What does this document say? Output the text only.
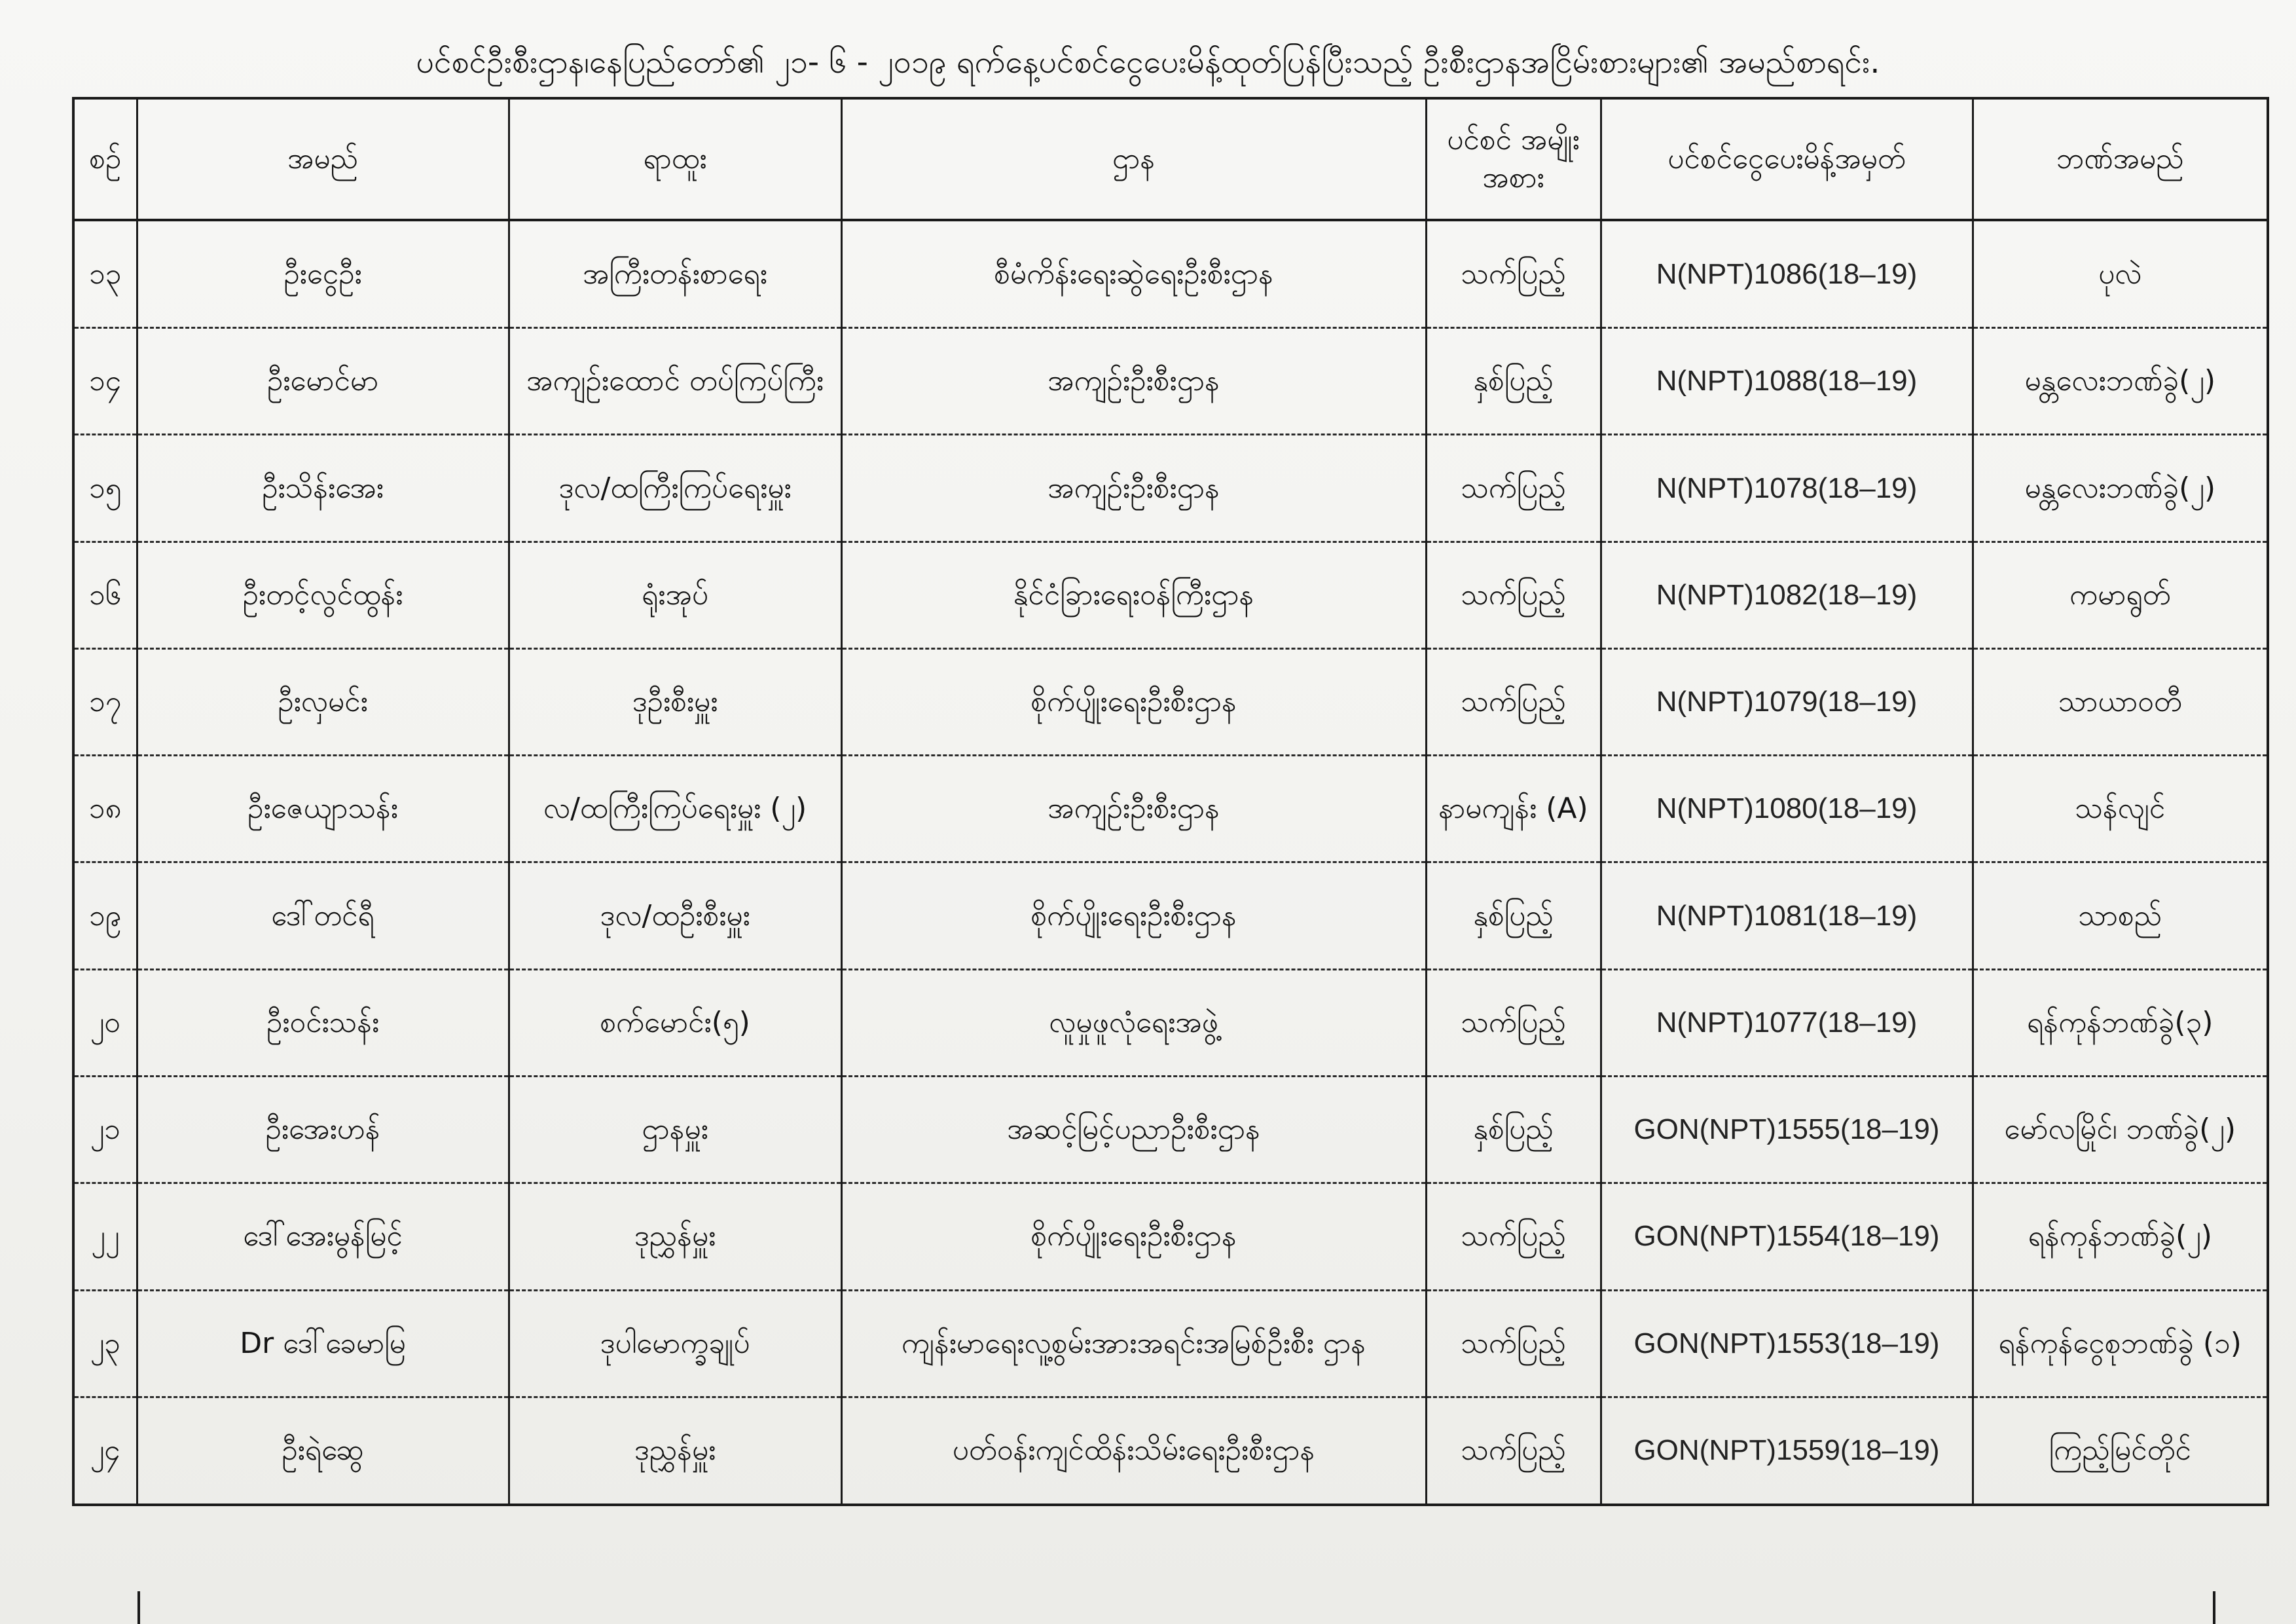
ပင်စင်ဦးစီးဌာန၊နေပြည်တော်၏ ၂၁- ၆ - ၂၀၁၉ ရက်နေ့ပင်စင်ငွေပေးမိန့်ထုတ်ပြန်ပြီးသည့် ဦးစီးဌာနအငြိမ်းစားများ၏ အမည်စာရင်း.
စဉ်	အမည်	ရာထူး	ဌာန	ပင်စင် အမျိုးအစား	ပင်စင်ငွေပေးမိန့်အမှတ်	ဘဏ်အမည်
၁၃	ဦးငွေဦး	အကြီးတန်းစာရေး	စီမံကိန်းရေးဆွဲရေးဦးစီးဌာန	သက်ပြည့်	N(NPT)1086(18–19)	ပုလဲ
၁၄	ဦးမောင်မာ	အကျဉ်းထောင် တပ်ကြပ်ကြီး	အကျဉ်းဦးစီးဌာန	နှစ်ပြည့်	N(NPT)1088(18–19)	မန္တလေးဘဏ်ခွဲ(၂)
၁၅	ဦးသိန်းအေး	ဒုလ/ထကြီးကြပ်ရေးမှူး	အကျဉ်းဦးစီးဌာန	သက်ပြည့်	N(NPT)1078(18–19)	မန္တလေးဘဏ်ခွဲ(၂)
၁၆	ဦးတင့်လွင်ထွန်း	ရုံးအုပ်	နိုင်ငံခြားရေးဝန်ကြီးဌာန	သက်ပြည့်	N(NPT)1082(18–19)	ကမာရွတ်
၁၇	ဦးလှမင်း	ဒုဦးစီးမှူး	စိုက်ပျိုးရေးဦးစီးဌာန	သက်ပြည့်	N(NPT)1079(18–19)	သာယာဝတီ
၁၈	ဦးဇေယျာသန်း	လ/ထကြီးကြပ်ရေးမှူး (၂)	အကျဉ်းဦးစီးဌာန	နာမကျန်း (A)	N(NPT)1080(18–19)	သန်လျင်
၁၉	ဒေါ်တင်ရီ	ဒုလ/ထဦးစီးမှူး	စိုက်ပျိုးရေးဦးစီးဌာန	နှစ်ပြည့်	N(NPT)1081(18–19)	သာစည်
၂၀	ဦးဝင်းသန်း	စက်မောင်း(၅)	လူမှုဖူလုံရေးအဖွဲ့	သက်ပြည့်	N(NPT)1077(18–19)	ရန်ကုန်ဘဏ်ခွဲ(၃)
၂၁	ဦးအေးဟန်	ဌာနမှူး	အဆင့်မြင့်ပညာဦးစီးဌာန	နှစ်ပြည့်	GON(NPT)1555(18–19)	မော်လမြိုင်၊ ဘဏ်ခွဲ(၂)
၂၂	ဒေါ်အေးမွန်မြင့်	ဒုညွှန်မှူး	စိုက်ပျိုးရေးဦးစီးဌာန	သက်ပြည့်	GON(NPT)1554(18–19)	ရန်ကုန်ဘဏ်ခွဲ(၂)
၂၃	Dr ဒေါ်ခေမာမြ	ဒုပါမောက္ခချုပ်	ကျန်းမာရေးလူ့စွမ်းအားအရင်းအမြစ်ဦးစီး ဌာန	သက်ပြည့်	GON(NPT)1553(18–19)	ရန်ကုန်ငွေစုဘဏ်ခွဲ (၁)
၂၄	ဦးရဲဆွေ	ဒုညွှန်မှူး	ပတ်ဝန်းကျင်ထိန်းသိမ်းရေးဦးစီးဌာန	သက်ပြည့်	GON(NPT)1559(18–19)	ကြည့်မြင်တိုင်
